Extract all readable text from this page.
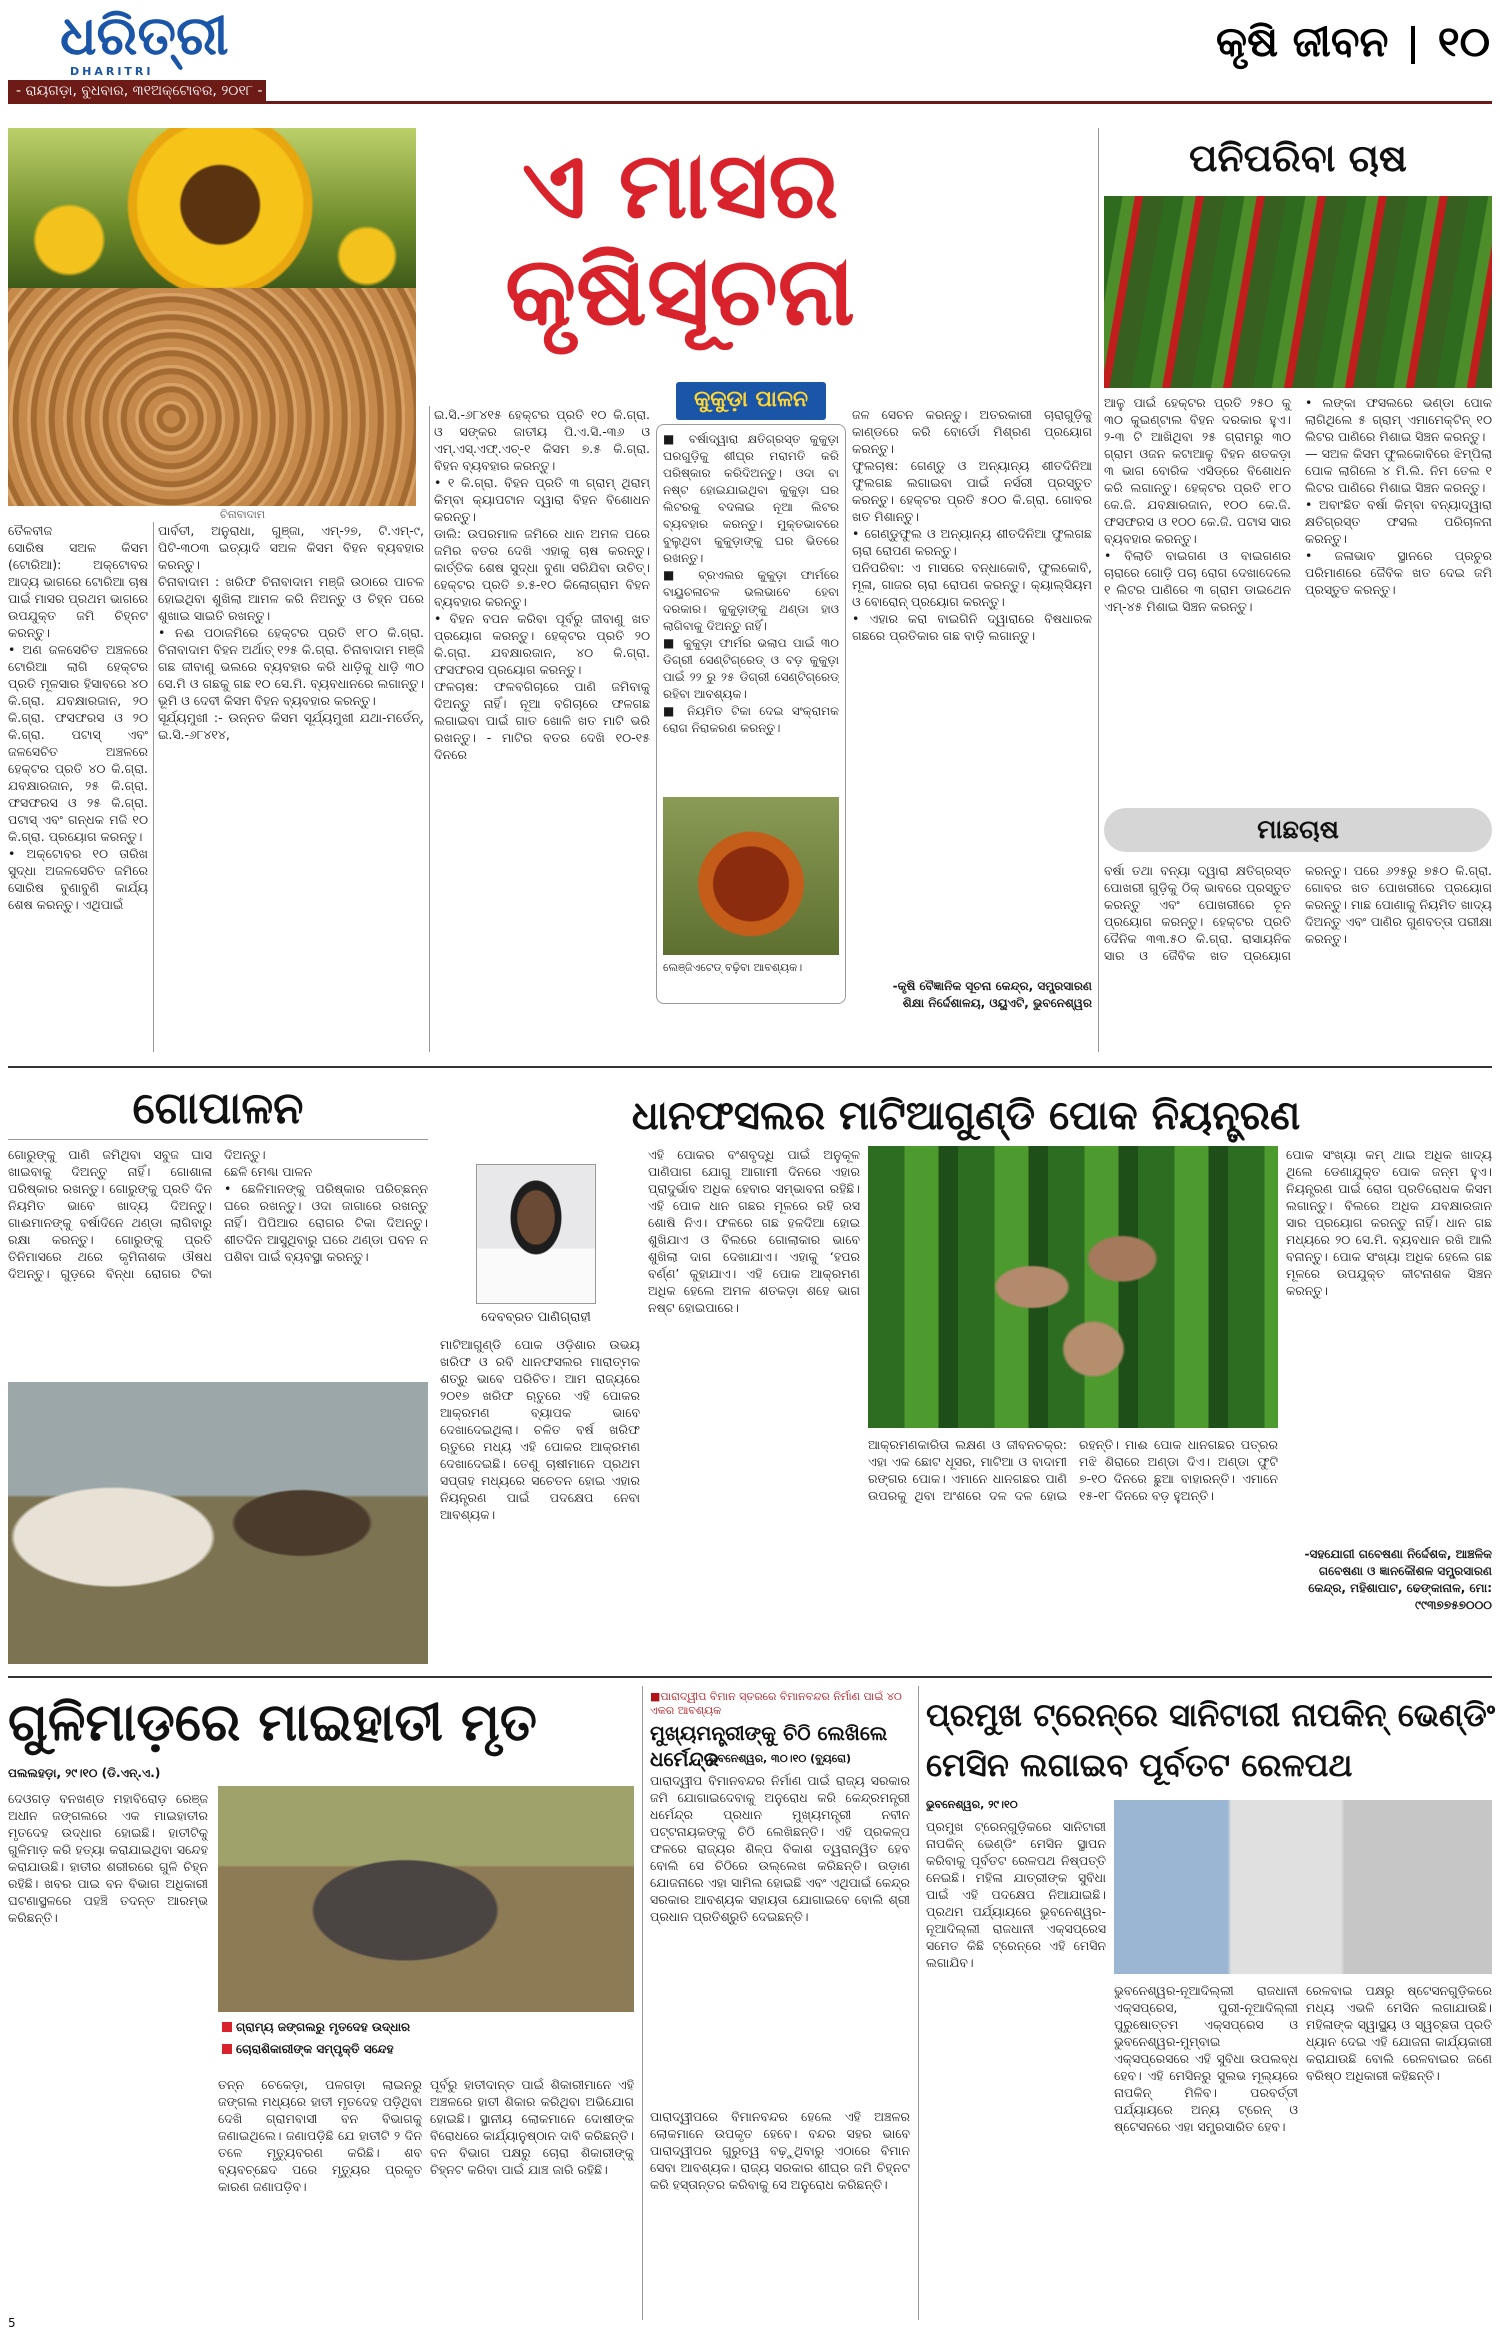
ଧରିତ୍ରୀ
DHARITRI
କୃଷି ଜୀବନ ୧୦
- ରାୟଗଡ଼ା, ବୁଧବାର, ୩୧ଅକ୍ଟୋବର, ୨୦୧୮ -
ଚିନାବାଦାମ
ଏ ମାସର
କୃଷିସୂଚନା
କୁକୁଡ଼ା ପାଳନ
ତୈଳବୀଜ
ସୋରିଷ ସଅଳ କିସମ (ଟୋରିଆ): ଅକ୍ଟୋବର ଆଦ୍ୟ ଭାଗରେ ଟୋରିଆ ଚାଷ ପାଇଁ ମାସର ପ୍ରଥମ ଭାଗରେ ଉପଯୁକ୍ତ ଜମି ଚିହ୍ନଟ କରନ୍ତୁ।
• ଅଣ ଜଳସେଚିତ ଅଞ୍ଚଳରେ ଟୋରିଆ ଲାଗି ହେକ୍ଟର ପ୍ରତି ମୂଳସାର ହିସାବରେ ୪୦ କି.ଗ୍ରା. ଯବକ୍ଷାରଜାନ, ୨୦ କି.ଗ୍ରା. ଫସଫରସ ଓ ୨୦ କି.ଗ୍ରା. ପଟାସ୍ ଏବଂ ଜଳସେଚିତ ଅଞ୍ଚଳରେ ହେକ୍ଟର ପ୍ରତି ୪୦ କି.ଗ୍ରା. ଯବକ୍ଷାରଜାନ, ୨୫ କି.ଗ୍ରା. ଫସଫରସ ଓ ୨୫ କି.ଗ୍ରା. ପଟାସ୍ ଏବଂ ଗନ୍ଧକ ମଜି ୧୦ କି.ଗ୍ରା. ପ୍ରୟୋଗ କରନ୍ତୁ।
• ଅକ୍ଟୋବର ୧୦ ତାରିଖ ସୁଦ୍ଧା ଅଜଳସେଚିତ ଜମିରେ ସୋରିଷ ବୁଣାବୁଣି କାର୍ଯ୍ୟ ଶେଷ କରନ୍ତୁ। ଏଥିପାଇଁ
ପାର୍ବତୀ, ଅନୁରାଧା, ଗୁଞ୍ଜା, ଏମ୍-୨୭, ଟି.ଏମ୍-୯, ପିଟି-୩୦୩ ଇତ୍ୟାଦି ସଅଳ କିସମ ବିହନ ବ୍ୟବହାର କରନ୍ତୁ।
ଚିନାବାଦାମ : ଖରିଫ ଚିନାବାଦାମ ମଞ୍ଜି ଉଠାରେ ପାଚଳ ହୋଇଥିବା ଶୁଖିଲା ଆମଳ କରି ନିଅନ୍ତୁ ଓ ଚିହ୍ନ ପରେ ଶୁଖାଇ ସାଇତି ରଖନ୍ତୁ।
• ନଈ ପଠାଜମିରେ ହେକ୍ଟର ପ୍ରତି ୧୮୦ କି.ଗ୍ରା. ଚିନାବାଦାମ ବିହନ ଅର୍ଥାତ୍ ୧୨୫ କି.ଗ୍ରା. ଚିନାବାଦାମ ମଞ୍ଜି ଗଛ ଜୀବାଣୁ ଭଲରେ ବ୍ୟବହାର କରି ଧାଡ଼ିକୁ ଧାଡ଼ି ୩୦ ସେ.ମି ଓ ଗଛକୁ ଗଛ ୧୦ ସେ.ମି. ବ୍ୟବଧାନରେ ଲଗାନ୍ତୁ। ଭୂମି ଓ ଦେବୀ କିସମ ବିହନ ବ୍ୟବହାର କରନ୍ତୁ।
ସୂର୍ଯ୍ୟମୁଖୀ :- ଉନ୍ନତ କିସମ ସୂର୍ଯ୍ୟମୁଖୀ ଯଥା-ମର୍ଡେନ୍, ଇ.ସି.-୬୮୪୧୪,
ଇ.ସି.-୬୮୪୧୫ ହେକ୍ଟର ପ୍ରତି ୧୦ କି.ଗ୍ରା. ଓ ସଙ୍କର ଜାତୀୟ ପି.ଏ.ସି.-୩୬ ଓ ଏମ୍.ଏସ୍.ଏଫ୍.ଏଚ୍-୧ କିସମ ୭.୫ କି.ଗ୍ରା. ବିହନ ବ୍ୟବହାର କରନ୍ତୁ।
• ୧ କି.ଗ୍ରା. ବିହନ ପ୍ରତି ୩ ଗ୍ରାମ୍ ଥିରାମ୍ କିମ୍ବା କ୍ୟାପଟାନ ଦ୍ୱାରା ବିହନ ବିଶୋଧନ କରନ୍ତୁ।
ଡାଲି: ଉପରମାଳ ଜମିରେ ଧାନ ଅମଳ ପରେ ଜମିର ବତର ଦେଖି ଏହାକୁ ଚାଷ କରନ୍ତୁ। କାର୍ତ୍ତିକ ଶେଷ ସୁଦ୍ଧା ବୁଣା ସରିଯିବା ଉଚିତ୍। ହେକ୍ଟର ପ୍ରତି ୭.୫-୧୦ କିଲୋଗ୍ରାମ ବିହନ ବ୍ୟବହାର କରନ୍ତୁ।
• ବିହନ ବପନ କରିବା ପୂର୍ବରୁ ଜୀବାଣୁ ଖତ ପ୍ରୟୋଗ କରନ୍ତୁ। ହେକ୍ଟର ପ୍ରତି ୨୦ କି.ଗ୍ରା. ଯବକ୍ଷାରଜାନ, ୪୦ କି.ଗ୍ରା. ଫସଫରସ ପ୍ରୟୋଗ କରନ୍ତୁ।
ଫଳଚାଷ: ଫଳବଗିଚାରେ ପାଣି ଜମିବାକୁ ଦିଅନ୍ତୁ ନାହିଁ। ନୂଆ ବଗିଚାରେ ଫଳଗଛ ଲଗାଇବା ପାଇଁ ଗାତ ଖୋଳି ଖତ ମାଟି ଭରି ରଖନ୍ତୁ। - ମାଟିର ବତର ଦେଖି ୧୦-୧୫ ଦିନରେ
■ ବର୍ଷାଦ୍ୱାରା କ୍ଷତିଗ୍ରସ୍ତ କୁକୁଡ଼ା ଘରଗୁଡ଼ିକୁ ଶୀଘ୍ର ମରାମତି କରି ପରିଷ୍କାର କରିଦିଅନ୍ତୁ। ଓଦା ବା ନଷ୍ଟ ହୋଇଯାଇଥିବା କୁକୁଡ଼ା ଘର ଲିଟରକୁ ବଦଳାଇ ନୂଆ ଲିଟର ବ୍ୟବହାର କରନ୍ତୁ। ମୁକ୍ତଭାବରେ ବୁଲୁଥିବା କୁକୁଡ଼ାଙ୍କୁ ଘର ଭିତରେ ରଖନ୍ତୁ।
■ ବ୍ରଏଲର କୁକୁଡ଼ା ଫାର୍ମରେ ବାୟୁଚଳାଚଳ ଭଲଭାବେ ହେବା ଦରକାର। କୁକୁଡ଼ାଙ୍କୁ ଥଣ୍ଡା ହାଓ ଲାଗିବାକୁ ଦିଅନ୍ତୁ ନାହିଁ।
■ କୁକୁଡ଼ା ଫାର୍ମର ଭଲାପ ପାଇଁ ୩୦ ଡିଗ୍ରୀ ସେଣ୍ଟିଗ୍ରେଡ୍ ଓ ବଡ଼ କୁକୁଡ଼ା ପାଇଁ ୨୨ ରୁ ୨୫ ଡିଗ୍ରୀ ସେଣ୍ଟିଗ୍ରେଡ୍ ରହିବା ଆବଶ୍ୟକ।
■ ନିୟମିତ ଟିକା ଦେଇ ସଂକ୍ରାମକ ରୋଗ ନିରାକରଣ କରନ୍ତୁ।
ଲେଞ୍ଜିଏଟେଡ୍ ବଢ଼ିବା ଆବଶ୍ୟକ।
ଜଳ ସେଚନ କରନ୍ତୁ। ଅତରକାରୀ ଚାରାଗୁଡ଼ିକୁ କାଣ୍ଡରେ କରି ବୋର୍ଡୋ ମିଶ୍ରଣ ପ୍ରୟୋଗ କରନ୍ତୁ।
ଫୁଲଚାଷ: ଗେଣ୍ଡୁ ଓ ଅନ୍ୟାନ୍ୟ ଶୀତଦିନିଆ ଫୁଲଗଛ ଲଗାଇବା ପାଇଁ ନର୍ସରୀ ପ୍ରସ୍ତୁତ କରନ୍ତୁ। ହେକ୍ଟର ପ୍ରତି ୫୦୦ କି.ଗ୍ରା. ଗୋବର ଖତ ମିଶାନ୍ତୁ।
• ଗେଣ୍ଡୁଫୁଲ ଓ ଅନ୍ୟାନ୍ୟ ଶୀତଦିନିଆ ଫୁଲଗଛ ଚାରା ରୋପଣ କରନ୍ତୁ।
ପନିପରିବା: ଏ ମାସରେ ବନ୍ଧାକୋବି, ଫୁଲକୋବି, ମୂଳା, ଗାଜର ଚାରା ରୋପଣ କରନ୍ତୁ। କ୍ୟାଲ୍ସିୟମ ଓ ବୋରୋନ୍ ପ୍ରୟୋଗ କରନ୍ତୁ।
• ଏହାର କରା ବାଇଗିନି ଦ୍ୱାରାରେ ବିଷଧାରକ ଗଛରେ ପ୍ରତିକାର ଗଛ ବାଡ଼ି ଲଗାନ୍ତୁ।
-କୃଷି ବୈଜ୍ଞାନିକ ସୂଚନା କେନ୍ଦ୍ର, ସମ୍ପ୍ରସାରଣ ଶିକ୍ଷା ନିର୍ଦ୍ଦେଶାଳୟ, ଓୟୁଏଟି, ଭୁବନେଶ୍ୱର
ପନିପରିବା ଚାଷ
ଆଳୁ ପାଇଁ ହେକ୍ଟର ପ୍ରତି ୨୫୦ କୁ ୩୦ କୁଇଣ୍ଟାଲ ବିହନ ଦରକାର ହୁଏ। ୨-୩ ଟି ଆଖିଥିବା ୨୫ ଗ୍ରାମରୁ ୩୦ ଗ୍ରାମ ଓଜନ କଟାଆଳୁ ବିହନ ଶତକଡ଼ା ୩ ଭାଗ ବୋରିକ ଏସିଡ୍‌ରେ ବିଶୋଧନ କରି ଲଗାନ୍ତୁ। ହେକ୍ଟର ପ୍ରତି ୧୮୦ କେ.ଜି. ଯବକ୍ଷାରଜାନ, ୧୦୦ କେ.ଜି. ଫସଫରସ ଓ ୧୦୦ କେ.ଜି. ପଟାସ ସାର ବ୍ୟବହାର କରନ୍ତୁ।
• ବିଲାତି ବାଇଗଣ ଓ ବାଇଗଣର ଚାରାରେ ଗୋଡ଼ି ପଚା ରୋଗ ଦେଖାଦେଲେ ୧ ଲିଟର ପାଣିରେ ୩ ଗ୍ରାମ ଡାଇଥେନ ଏମ୍-୪୫ ମିଶାଇ ସିଞ୍ଚନ କରନ୍ତୁ।
• ଲଙ୍କା ଫସଲରେ ଭଣ୍ଡା ପୋକ ଲାଗିଥିଲେ ୫ ଗ୍ରାମ୍ ଏମାମେକ୍ଟିନ୍ ୧୦ ଲିଟର ପାଣିରେ ମିଶାଇ ସିଞ୍ଚନ କରନ୍ତୁ।
— ସଅଳ କିସମ ଫୁଲକୋବିରେ ଝିମ୍ପିଲା ପୋକ ଲାଗିଲେ ୪ ମି.ଲି. ନିମ ତେଲ ୧ ଲିଟର ପାଣିରେ ମିଶାଇ ସିଞ୍ଚନ କରନ୍ତୁ।
• ଅବାଂଛିତ ବର୍ଷା କିମ୍ବା ବନ୍ୟାଦ୍ୱାରା କ୍ଷତିଗ୍ରସ୍ତ ଫସଲ ପରିଚାଳନା କରନ୍ତୁ।
• ଜଳାଭାବ ସ୍ଥାନରେ ପ୍ରଚୁର ପରିମାଣରେ ଜୈବିକ ଖତ ଦେଇ ଜମି ପ୍ରସ୍ତୁତ କରନ୍ତୁ।
ମାଛଚାଷ
ବର୍ଷା ତଥା ବନ୍ୟା ଦ୍ୱାରା କ୍ଷତିଗ୍ରସ୍ତ ପୋଖରୀ ଗୁଡ଼ିକୁ ଠିକ୍ ଭାବରେ ପ୍ରସ୍ତୁତ କରନ୍ତୁ ଏବଂ ପୋଖରୀରେ ଚୂନ ପ୍ରୟୋଗ କରନ୍ତୁ। ହେକ୍ଟର ପ୍ରତି ଦୈନିକ ୩୩.୫୦ କି.ଗ୍ରା. ରାସାୟନିକ ସାର ଓ ଜୈବିକ ଖତ ପ୍ରୟୋଗ କରନ୍ତୁ। ପରେ ୬୨୫ରୁ ୭୫୦ କି.ଗ୍ରା. ଗୋବର ଖତ ପୋଖରୀରେ ପ୍ରୟୋଗ କରନ୍ତୁ। ମାଛ ପୋଣାକୁ ନିୟମିତ ଖାଦ୍ୟ ଦିଅନ୍ତୁ ଏବଂ ପାଣିର ଗୁଣବତ୍ତା ପରୀକ୍ଷା କରନ୍ତୁ।
ଗୋପାଳନ
ଗୋରୁଙ୍କୁ ପାଣି ଜମିଥିବା ସବୁଜ ଘାସ ଖାଇବାକୁ ଦିଅନ୍ତୁ ନାହିଁ। ଗୋଶାଳା ପରିଷ୍କାର ରଖନ୍ତୁ। ଗୋରୁଙ୍କୁ ପ୍ରତି ଦିନ ନିୟମିତ ଭାବେ ଖାଦ୍ୟ ଦିଅନ୍ତୁ। ଗାଈମାନଙ୍କୁ ବର୍ଷାଦିନେ ଥଣ୍ଡା ଲାଗିବାରୁ ରକ୍ଷା କରନ୍ତୁ। ଗୋରୁଙ୍କୁ ପ୍ରତି ତିନିମାସରେ ଥରେ କୃମିନାଶକ ଔଷଧ ଦିଅନ୍ତୁ। ଗୁଡ଼ରେ ବିନ୍ଧା ରୋଗର ଟିକା ଦିଅନ୍ତୁ।
ଛେଳି ମେଣ୍ଢା ପାଳନ
• ଛେଳିମାନଙ୍କୁ ପରିଷ୍କାର ପରିଚ୍ଛନ୍ନ ଘରେ ରଖନ୍ତୁ। ଓଦା ଜାଗାରେ ରଖନ୍ତୁ ନାହିଁ। ପିପିଆର ରୋଗର ଟିକା ଦିଅନ୍ତୁ। ଶୀତଦିନ ଆସୁଥିବାରୁ ଘରେ ଥଣ୍ଡା ପବନ ନ ପଶିବା ପାଇଁ ବ୍ୟବସ୍ଥା କରନ୍ତୁ।
ଧାନଫସଲର ମାଟିଆଗୁଣ୍ଡି ପୋକ ନିୟନ୍ତ୍ରଣ
ଦେବବ୍ରତ ପାଣିଗ୍ରାହୀ
ମାଟିଆଗୁଣ୍ଡି ପୋକ ଓଡ଼ିଶାର ଉଭୟ ଖରିଫ ଓ ରବି ଧାନଫସଲର ମାରାତ୍ମକ ଶତ୍ରୁ ଭାବେ ପରିଚିତ। ଆମ ରାଜ୍ୟରେ ୨୦୧୭ ଖରିଫ ଋତୁରେ ଏହି ପୋକର ଆକ୍ରମଣ ବ୍ୟାପକ ଭାବେ ଦେଖାଦେଇଥିଲା। ଚଳିତ ବର୍ଷ ଖରିଫ ଋତୁରେ ମଧ୍ୟ ଏହି ପୋକର ଆକ୍ରମଣ ଦେଖାଦେଇଛି। ତେଣୁ ଚାଷୀମାନେ ପ୍ରଥମ ସପ୍ତାହ ମଧ୍ୟରେ ସଚେତନ ହୋଇ ଏହାର ନିୟନ୍ତ୍ରଣ ପାଇଁ ପଦକ୍ଷେପ ନେବା ଆବଶ୍ୟକ।
ଏହି ପୋକର ବଂଶବୃଦ୍ଧି ପାଇଁ ଅନୁକୂଳ ପାଣିପାଗ ଯୋଗୁ ଆଗାମୀ ଦିନରେ ଏହାର ପ୍ରାଦୁର୍ଭାବ ଅଧିକ ହେବାର ସମ୍ଭାବନା ରହିଛି। ଏହି ପୋକ ଧାନ ଗଛର ମୂଳରେ ରହି ରସ ଶୋଷି ନିଏ। ଫଳରେ ଗଛ ହଳଦିଆ ହୋଇ ଶୁଖିଯାଏ ଓ ବିଲରେ ଗୋଲାକାର ଭାବେ ଶୁଖିଲା ଦାଗ ଦେଖାଯାଏ। ଏହାକୁ ‘ହପର ବର୍ଣ୍ଣ’ କୁହାଯାଏ। ଏହି ପୋକ ଆକ୍ରମଣ ଅଧିକ ହେଲେ ଅମଳ ଶତକଡ଼ା ଶହେ ଭାଗ ନଷ୍ଟ ହୋଇପାରେ।
ଆକ୍ରମଣକାରିତା ଲକ୍ଷଣ ଓ ଜୀବନଚକ୍ର: ଏହା ଏକ ଛୋଟ ଧୂସର, ମାଟିଆ ଓ ବାଦାମୀ ରଙ୍ଗର ପୋକ। ଏମାନେ ଧାନଗଛର ପାଣି ଉପରକୁ ଥିବା ଅଂଶରେ ଦଳ ଦଳ ହୋଇ ରହନ୍ତି। ମାଈ ପୋକ ଧାନଗଛର ପତ୍ରର ମଝି ଶିରାରେ ଅଣ୍ଡା ଦିଏ। ଅଣ୍ଡା ଫୁଟି ୭-୧୦ ଦିନରେ ଛୁଆ ବାହାରନ୍ତି। ଏମାନେ ୧୫-୧୮ ଦିନରେ ବଡ଼ ହୁଅନ୍ତି।
ପୋକ ସଂଖ୍ୟା କମ୍ ଥାଇ ଅଧିକ ଖାଦ୍ୟ ଥିଲେ ଡେଣାଯୁକ୍ତ ପୋକ ଜନ୍ମ ହୁଏ। ନିୟନ୍ତ୍ରଣ ପାଇଁ ରୋଗ ପ୍ରତିରୋଧକ କିସମ ଲଗାନ୍ତୁ। ବିଲରେ ଅଧିକ ଯବକ୍ଷାରଜାନ ସାର ପ୍ରୟୋଗ କରନ୍ତୁ ନାହିଁ। ଧାନ ଗଛ ମଧ୍ୟରେ ୨୦ ସେ.ମି. ବ୍ୟବଧାନ ରଖି ଆଲି ବନାନ୍ତୁ। ପୋକ ସଂଖ୍ୟା ଅଧିକ ହେଲେ ଗଛ ମୂଳରେ ଉପଯୁକ୍ତ କୀଟନାଶକ ସିଞ୍ଚନ କରନ୍ତୁ।
-ସହଯୋଗୀ ଗବେଷଣା ନିର୍ଦ୍ଦେଶକ, ଆଞ୍ଚଳିକ ଗବେଷଣା ଓ ଜ୍ଞାନକୌଶଳ ସମ୍ପ୍ରସାରଣ କେନ୍ଦ୍ର, ମହିଶାପାଟ, ଢେଙ୍କାନାଳ, ମୋ: ୯୯୩୭୭୫୭୦୦୦
ଗୁଳିମାଡ଼ରେ ମାଇହାତୀ ମୃତ
ପଲଲହଡ଼ା, ୨୯।୧୦ (ଡି.ଏନ୍.ଏ.)
ଦେଓଗଡ଼ ବନଖଣ୍ଡ ମହାବିରୋଡ଼ ରେଞ୍ଜ ଅଧୀନ ଜଙ୍ଗଲରେ ଏକ ମାଇହାତୀର ମୃତଦେହ ଉଦ୍ଧାର ହୋଇଛି। ହାତୀଟିକୁ ଗୁଳିମାଡ଼ କରି ହତ୍ୟା କରାଯାଇଥିବା ସନ୍ଦେହ କରାଯାଉଛି। ହାତୀର ଶରୀରରେ ଗୁଳି ଚିହ୍ନ ରହିଛି। ଖବର ପାଇ ବନ ବିଭାଗ ଅଧିକାରୀ ଘଟଣାସ୍ଥଳରେ ପହଞ୍ଚି ତଦନ୍ତ ଆରମ୍ଭ କରିଛନ୍ତି।
ଗ୍ରାମ୍ୟ ଜଙ୍ଗଲରୁ ମୃତଦେହ ଉଦ୍ଧାର
ଚୋରାଶିକାରୀଙ୍କ ସମ୍ପୃକ୍ତି ସନ୍ଦେହ
ତନ୍ନ ଚେକେଡ଼ା, ପଳଗଡ଼ା ଲାଇନରୁ ଜଙ୍ଗଲ ମଧ୍ୟରେ ହାତୀ ମୃତଦେହ ପଡ଼ିଥିବା ଦେଖି ଗ୍ରାମବାସୀ ବନ ବିଭାଗକୁ ଜଣାଇଥିଲେ। ଜଣାପଡ଼ିଛି ଯେ ହାତୀଟି ୨ ଦିନ ତଳେ ମୃତ୍ୟୁବରଣ କରିଛି। ଶବ ବ୍ୟବଚ୍ଛେଦ ପରେ ମୃତ୍ୟୁର ପ୍ରକୃତ କାରଣ ଜଣାପଡ଼ିବ।
ପୂର୍ବରୁ ହାତୀଦାନ୍ତ ପାଇଁ ଶିକାରୀମାନେ ଏହି ଅଞ୍ଚଳରେ ହାତୀ ଶିକାର କରିଥିବା ଅଭିଯୋଗ ହୋଇଛି। ସ୍ଥାନୀୟ ଲୋକମାନେ ଦୋଷୀଙ୍କ ବିରୋଧରେ କାର୍ଯ୍ୟାନୁଷ୍ଠାନ ଦାବି କରିଛନ୍ତି। ବନ ବିଭାଗ ପକ୍ଷରୁ ଚୋରା ଶିକାରୀଙ୍କୁ ଚିହ୍ନଟ କରିବା ପାଇଁ ଯାଞ୍ଚ ଜାରି ରହିଛି।
■ପାରାଦ୍ୱୀପ ବିମାନ ସ୍ତରରେ ବିମାନବନ୍ଦର ନିର୍ମାଣ ପାଇଁ ୪୦ ଏକର ଆବଶ୍ୟକ
ମୁଖ୍ୟମନ୍ତ୍ରୀଙ୍କୁ ଚିଠି ଲେଖିଲେ ଧର୍ମେନ୍ଦ୍ର
ଭୁବନେଶ୍ୱର, ୩୦।୧୦ (ବ୍ୟୁରୋ)
ପାରାଦ୍ୱୀପ ବିମାନବନ୍ଦର ନିର୍ମାଣ ପାଇଁ ରାଜ୍ୟ ସରକାର ଜମି ଯୋଗାଇଦେବାକୁ ଅନୁରୋଧ କରି କେନ୍ଦ୍ରମନ୍ତ୍ରୀ ଧର୍ମେନ୍ଦ୍ର ପ୍ରଧାନ ମୁଖ୍ୟମନ୍ତ୍ରୀ ନବୀନ ପଟ୍ଟନାୟକଙ୍କୁ ଚିଠି ଲେଖିଛନ୍ତି। ଏହି ପ୍ରକଳ୍ପ ଫଳରେ ରାଜ୍ୟର ଶିଳ୍ପ ବିକାଶ ତ୍ୱରାନ୍ୱିତ ହେବ ବୋଲି ସେ ଚିଠିରେ ଉଲ୍ଲେଖ କରିଛନ୍ତି। ଉଡ଼ାଣ ଯୋଜନାରେ ଏହା ସାମିଲ ହୋଇଛି ଏବଂ ଏଥିପାଇଁ କେନ୍ଦ୍ର ସରକାର ଆବଶ୍ୟକ ସହାୟତା ଯୋଗାଇବେ ବୋଲି ଶ୍ରୀ ପ୍ରଧାନ ପ୍ରତିଶ୍ରୁତି ଦେଇଛନ୍ତି।
ପାରାଦ୍ୱୀପରେ ବିମାନବନ୍ଦର ହେଲେ ଏହି ଅଞ୍ଚଳର ଲୋକମାନେ ଉପକୃତ ହେବେ। ବନ୍ଦର ସହର ଭାବେ ପାରାଦ୍ୱୀପର ଗୁରୁତ୍ୱ ବଢ଼ୁଥିବାରୁ ଏଠାରେ ବିମାନ ସେବା ଆବଶ୍ୟକ। ରାଜ୍ୟ ସରକାର ଶୀଘ୍ର ଜମି ଚିହ୍ନଟ କରି ହସ୍ତାନ୍ତର କରିବାକୁ ସେ ଅନୁରୋଧ କରିଛନ୍ତି।
ପ୍ରମୁଖ ଟ୍ରେନ୍‌ରେ ସାନିଟାରୀ ନାପକିନ୍ ଭେଣ୍ଡିଂ
ମେସିନ ଲଗାଇବ ପୂର୍ବତଟ ରେଳପଥ
ଭୁବନେଶ୍ୱର, ୨୯।୧୦
ପ୍ରମୁଖ ଟ୍ରେନ୍‌ଗୁଡ଼ିକରେ ସାନିଟାରୀ ନାପକିନ୍ ଭେଣ୍ଡିଂ ମେସିନ ସ୍ଥାପନ କରିବାକୁ ପୂର୍ବତଟ ରେଳପଥ ନିଷ୍ପତ୍ତି ନେଇଛି। ମହିଳା ଯାତ୍ରୀଙ୍କ ସୁବିଧା ପାଇଁ ଏହି ପଦକ୍ଷେପ ନିଆଯାଇଛି। ପ୍ରଥମ ପର୍ଯ୍ୟାୟରେ ଭୁବନେଶ୍ୱର-ନୂଆଦିଲ୍ଲୀ ରାଜଧାନୀ ଏକ୍ସପ୍ରେସ ସମେତ କିଛି ଟ୍ରେନ୍‌ରେ ଏହି ମେସିନ ଲଗାଯିବ।
ଭୁବନେଶ୍ୱର-ନୂଆଦିଲ୍ଲୀ ରାଜଧାନୀ ଏକ୍ସପ୍ରେସ, ପୁରୀ-ନୂଆଦିଲ୍ଲୀ ପୁରୁଷୋତ୍ତମ ଏକ୍ସପ୍ରେସ ଓ ଭୁବନେଶ୍ୱର-ମୁମ୍ବାଇ ଏକ୍ସପ୍ରେସରେ ଏହି ସୁବିଧା ଉପଲବ୍ଧ ହେବ। ଏହି ମେସିନରୁ ସୁଲଭ ମୂଲ୍ୟରେ ନାପକିନ୍ ମିଳିବ। ପରବର୍ତ୍ତୀ ପର୍ଯ୍ୟାୟରେ ଅନ୍ୟ ଟ୍ରେନ୍ ଓ ଷ୍ଟେସନରେ ଏହା ସମ୍ପ୍ରସାରିତ ହେବ।
ରେଳବାଇ ପକ୍ଷରୁ ଷ୍ଟେସନଗୁଡ଼ିକରେ ମଧ୍ୟ ଏଭଳି ମେସିନ ଲଗାଯାଉଛି। ମହିଳାଙ୍କ ସ୍ୱାସ୍ଥ୍ୟ ଓ ସ୍ୱଚ୍ଛତା ପ୍ରତି ଧ୍ୟାନ ଦେଇ ଏହି ଯୋଜନା କାର୍ଯ୍ୟକାରୀ କରାଯାଉଛି ବୋଲି ରେଳବାଇର ଜଣେ ବରିଷ୍ଠ ଅଧିକାରୀ କହିଛନ୍ତି।
5
